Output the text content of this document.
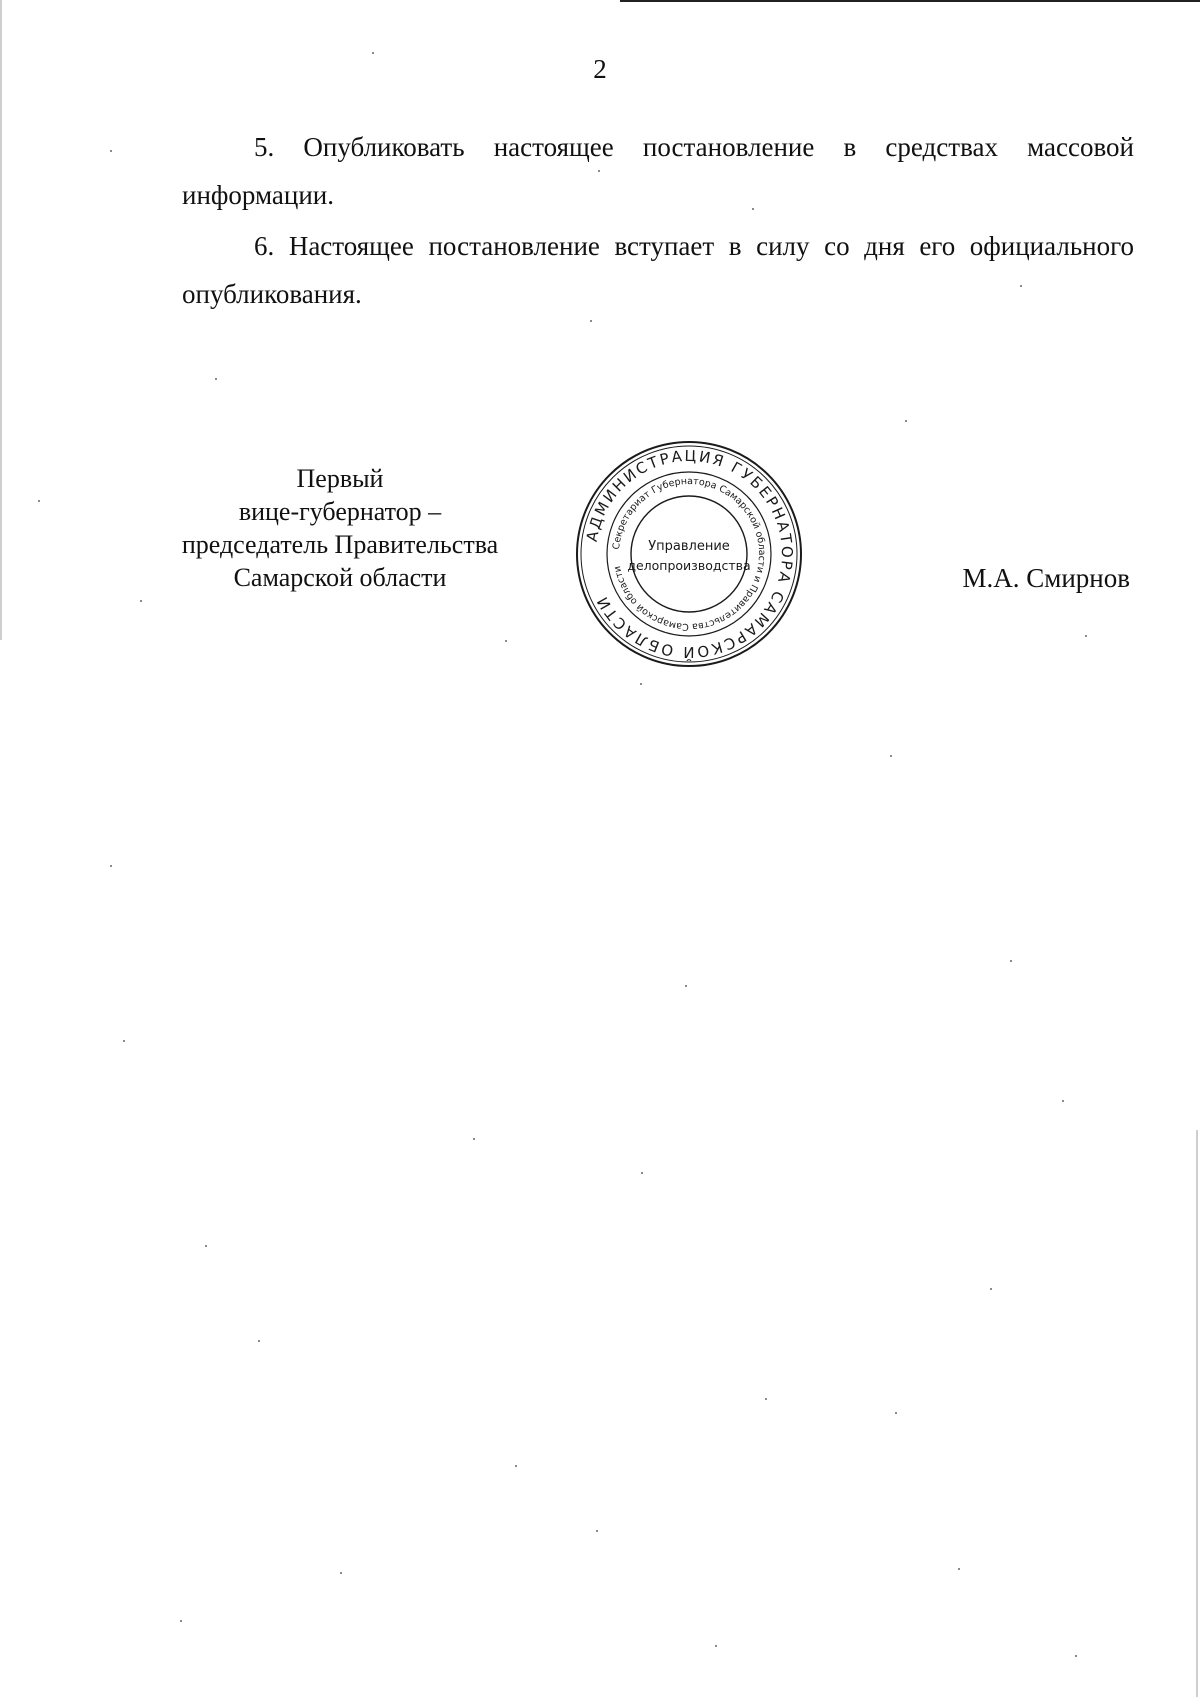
2
5. Опубликовать настоящее постановление в средствах массовой
информации.
6. Настоящее постановление вступает в силу со дня его официального
опубликования.
Первый
вице-губернатор –
председатель Правительства
Самарской области
АДМИНИСТРАЦИЯ ГУБЕРНАТОРА САМАРСКОЙ ОБЛАСТИ
Секретариат Губернатора Самарской области и Правительства Самарской области
Управление
делопроизводства	М.А. Смирнов
